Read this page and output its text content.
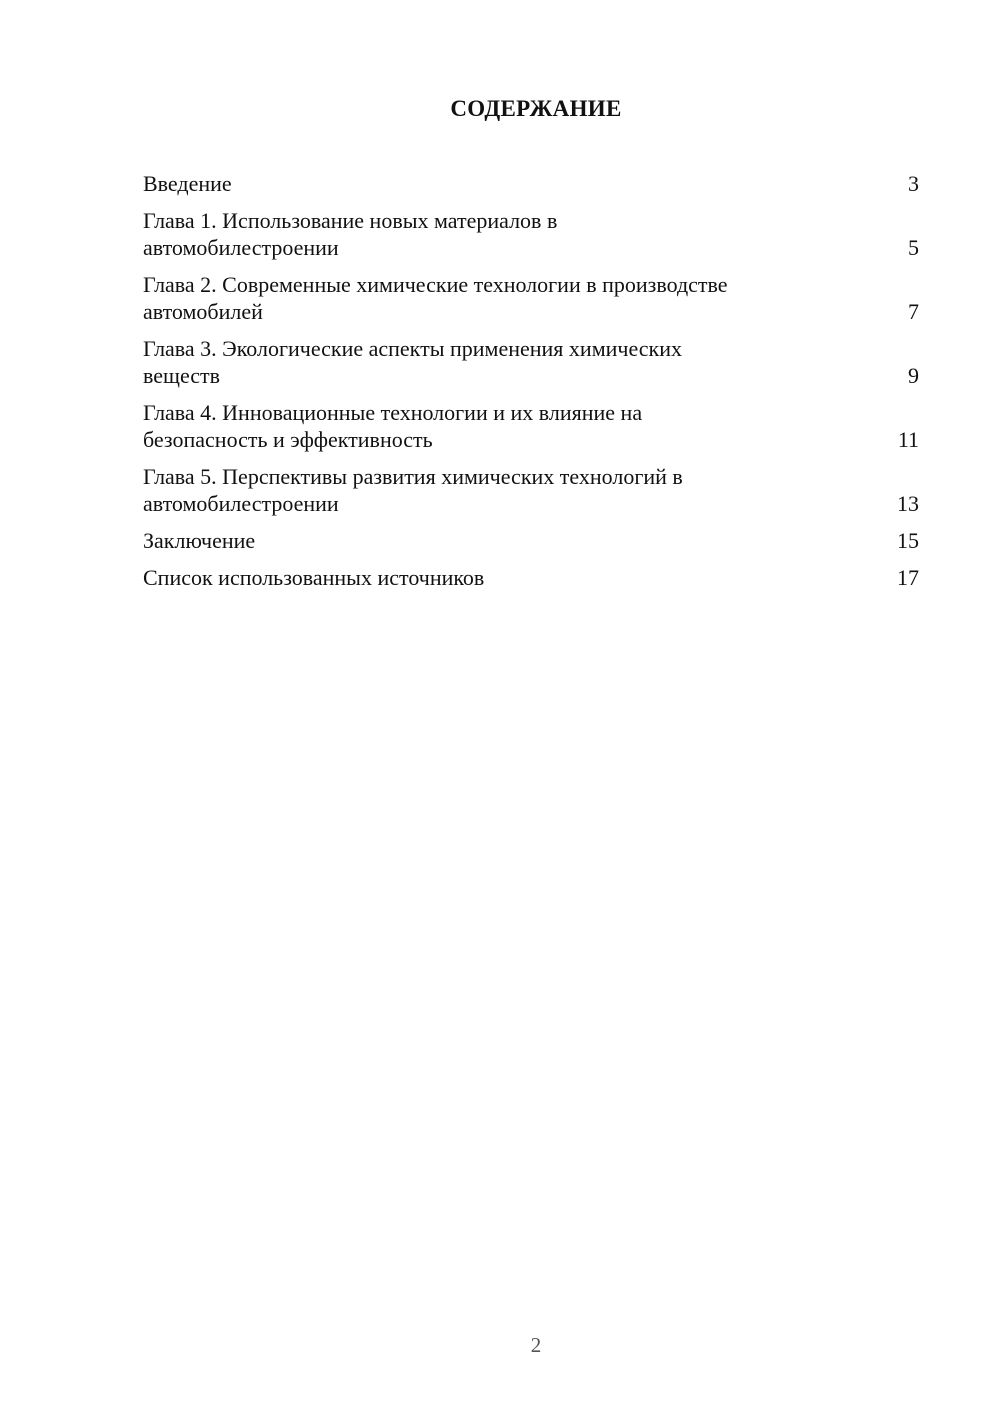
СОДЕРЖАНИЕ
Введение	3
Глава 1. Использование новых материалов в
автомобилестроении	5
Глава 2. Современные химические технологии в производстве
автомобилей	7
Глава 3. Экологические аспекты применения химических
веществ	9
Глава 4. Инновационные технологии и их влияние на
безопасность и эффективность	11
Глава 5. Перспективы развития химических технологий в
автомобилестроении	13
Заключение	15
Список использованных источников	17
2
